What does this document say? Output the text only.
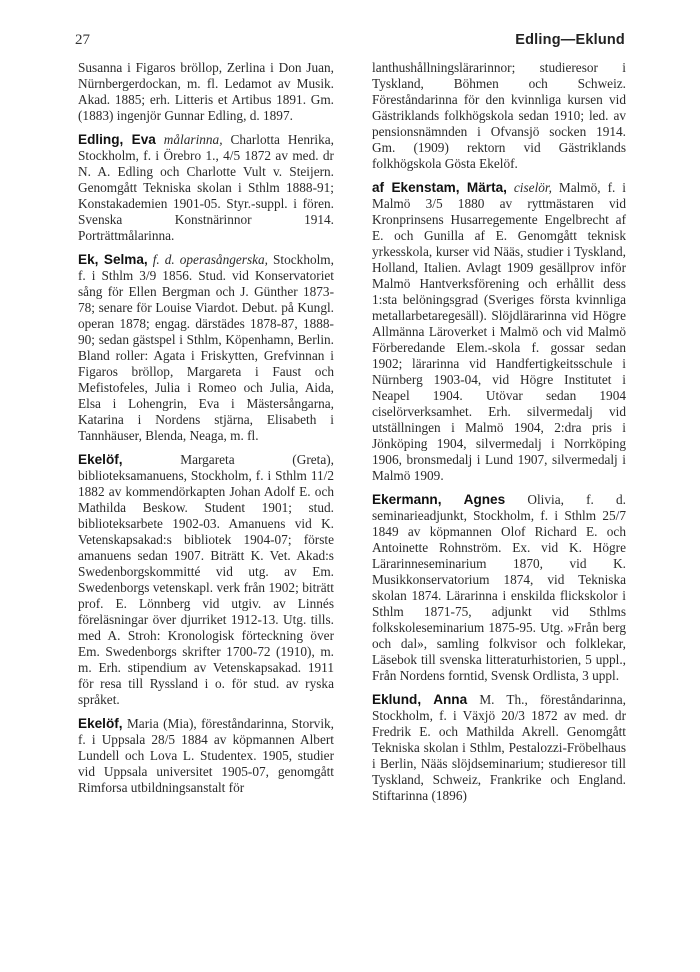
27	Edling—Eklund

Susanna i Figaros bröllop, Zerlina i Don Juan, Nürnbergerdockan, m. fl. Ledamot av Musik. Akad. 1885; erh. Litteris et Artibus 1891. Gm. (1883) ingenjör Gunnar Edling, d. 1897.

Edling, Eva målarinna, Charlotta Henrika, Stockholm, f. i Örebro 1., 4/5 1872 av med. dr N. A. Edling och Charlotte Vult v. Steijern. Genomgått Tekniska skolan i Sthlm 1888-91; Konstakademien 1901-05. Styr.-suppl. i fören. Svenska Konstnärinnor 1914. Porträttmålarinna.

Ek, Selma, f. d. operasångerska, Stockholm, f. i Sthlm 3/9 1856. Stud. vid Konservatoriet sång för Ellen Bergman och J. Günther 1873-78; senare för Louise Viardot. Debut. på Kungl. operan 1878; engag. därstädes 1878-87, 1888-90; sedan gästspel i Sthlm, Köpenhamn, Berlin. Bland roller: Agata i Friskytten, Grefvinnan i Figaros bröllop, Margareta i Faust och Mefistofeles, Julia i Romeo och Julia, Aida, Elsa i Lohengrin, Eva i Mästersångarna, Katarina i Nordens stjärna, Elisabeth i Tannhäuser, Blenda, Neaga, m. fl.

Ekelöf,	Margareta (Greta), biblioteksamanuens, Stockholm, f. i Sthlm 11/2 1882 av kommendörkapten Johan Adolf E. och Mathilda Beskow. Student 1901; stud. biblioteksarbete 1902-03. Amanuens vid K. Vetenskapsakad:s bibliotek 1904-07; förste amanuens sedan 1907. Biträtt K. Vet. Akad:s Swedenborgskommitté vid utg. av Em. Swedenborgs vetenskapl. verk från 1902; biträtt prof. E. Lönnberg vid utgiv. av Linnés föreläsningar över djurriket 1912-13. Utg. tills. med A. Stroh: Kronologisk förteckning över Em. Swedenborgs skrifter 1700-72 (1910), m. m. Erh. stipendium av Vetenskapsakad. 1911 för resa till Ryssland i o. för stud. av ryska språket.

Ekelöf, Maria (Mia), föreståndarinna, Storvik, f. i Uppsala 28/5 1884 av köpmannen Albert Lundell och Lova L. Studentex. 1905, studier vid Uppsala universitet 1905-07, genomgått Rimforsa utbildningsanstalt för

lanthushållningslärarinnor; studieresor i Tyskland, Böhmen och Schweiz. Föreståndarinna för den kvinnliga kursen vid Gästriklands folkhögskola sedan 1910; led. av pensionsnämnden i Ofvansjö socken 1914. Gm. (1909) rektorn vid Gästriklands folkhögskola Gösta Ekelöf.

af Ekenstam, Märta, ciselör, Malmö, f. i Malmö 3/5 1880 av ryttmästaren vid Kronprinsens Husarregemente Engelbrecht af E. och Gunilla af E. Genomgått teknisk yrkesskola, kurser vid Nääs, studier i Tyskland, Holland, Italien. Avlagt 1909 gesällprov inför Malmö Hantverksförening och erhållit dess 1:sta belöningsgrad (Sveriges första kvinnliga metallarbetaregesäll). Slöjdlärarinna vid Högre Allmänna Läroverket i Malmö och vid Malmö Förberedande Elem.-skola f. gossar sedan 1902; lärarinna vid Handfertigkeitsschule i Nürnberg 1903-04, vid Högre Institutet i Neapel 1904. Utövar sedan 1904 ciselörverksamhet. Erh. silvermedalj vid utställningen i Malmö 1904, 2:dra pris i Jönköping 1904, silvermedalj i Norrköping 1906, bronsmedalj i Lund 1907, silvermedalj i Malmö 1909.

Ekermann, Agnes Olivia, f. d. seminarieadjunkt, Stockholm, f. i Sthlm 25/7 1849 av köpmannen Olof Richard E. och Antoinette Rohnström. Ex. vid K. Högre Lärarinneseminarium 1870, vid K. Musikkonservatorium 1874, vid Tekniska skolan 1874. Lärarinna i enskilda flickskolor i Sthlm 1871-75, adjunkt vid Sthlms folkskoleseminarium 1875-95. Utg. »Från berg och dal», samling folkvisor och folklekar, Läsebok till svenska litteraturhistorien, 5 uppl., Från Nordens forntid, Svensk Ordlista, 3 uppl.

Eklund, Anna M. Th., föreståndarinna, Stockholm, f. i Växjö 20/3 1872 av med. dr Fredrik E. och Mathilda Akrell. Genomgått Tekniska skolan i Sthlm, Pestalozzi-Fröbelhaus i Berlin, Nääs slöjdseminarium; studieresor till Tyskland, Schweiz, Frankrike och England. Stiftarinna (1896)
